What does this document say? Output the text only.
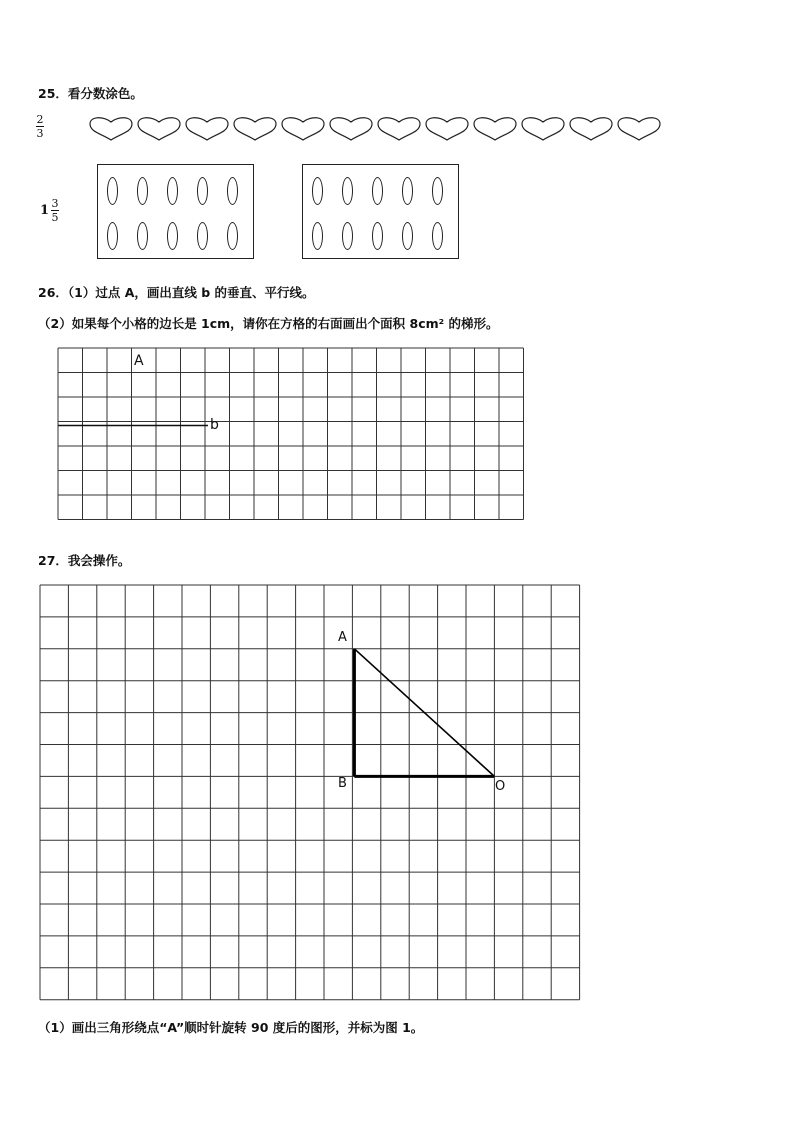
25．看分数涂色。
2
3
$1 \frac{3}{5}$
26．（1）过点 A，画出直线 b 的垂直、平行线。
（2）如果每个小格的边长是 1cm，请你在方格的右面画出个面积 8cm² 的梯形。
A
b
27．我会操作。
A
B	O
（1）画出三角形绕点“A”顺时针旋转 90 度后的图形，并标为图 1。
